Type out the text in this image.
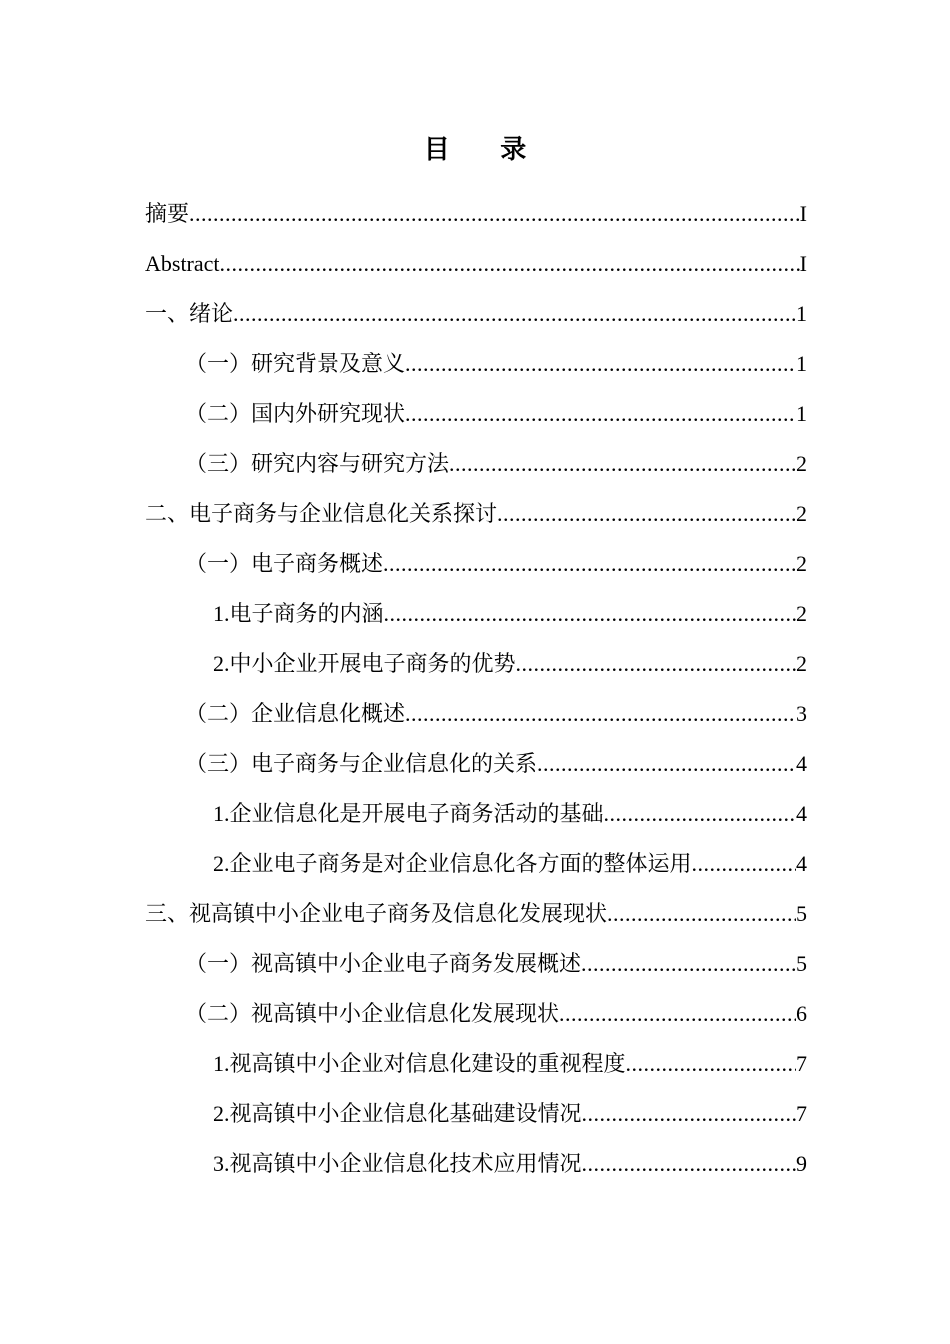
目 录
摘要 .....	I
Abstract .....	I
一、绪论 .....	1
（一）研究背景及意义 .....	1
（二）国内外研究现状 .....	1
（三）研究内容与研究方法 .....	2
二、电子商务与企业信息化关系探讨 .....	2
（一）电子商务概述 .....	2
1.电子商务的内涵 .....	2
2.中小企业开展电子商务的优势 .....	2
（二）企业信息化概述 .....	3
（三）电子商务与企业信息化的关系 .....	4
1.企业信息化是开展电子商务活动的基础 .....	4
2.企业电子商务是对企业信息化各方面的整体运用 .....	4
三、视高镇中小企业电子商务及信息化发展现状 .....	5
（一）视高镇中小企业电子商务发展概述 .....	5
（二）视高镇中小企业信息化发展现状 .....	6
1.视高镇中小企业对信息化建设的重视程度 .....	7
2.视高镇中小企业信息化基础建设情况 .....	7
3.视高镇中小企业信息化技术应用情况 .....	9
